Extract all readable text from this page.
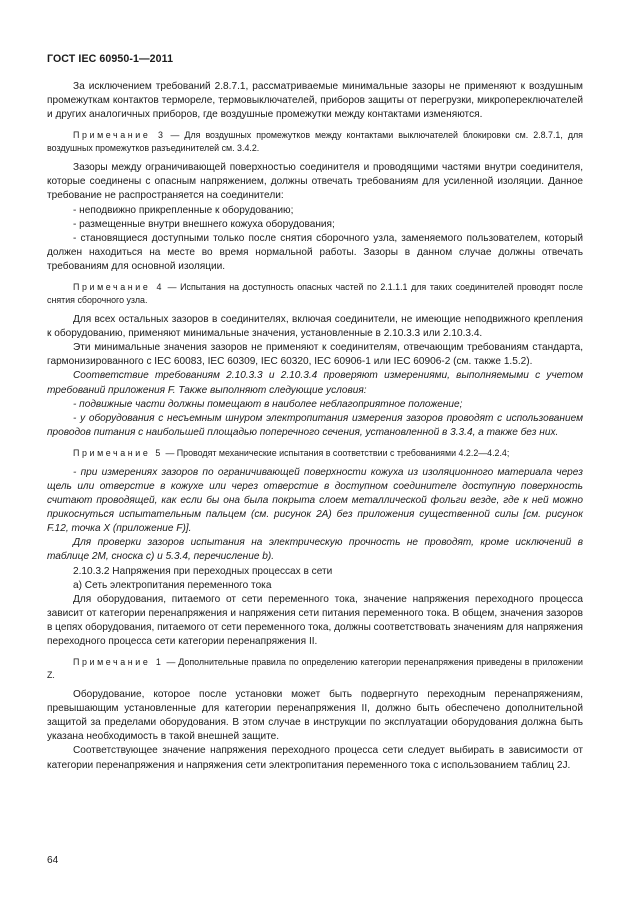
ГОСТ IEC 60950-1—2011

За исключением требований 2.8.7.1, рассматриваемые минимальные зазоры не применяют к воздушным промежуткам контактов термореле, термовыключателей, приборов защиты от перегрузки, микропереключателей и других аналогичных приборов, где воздушные промежутки между контактами изменяются.

Примечание 3 — Для воздушных промежутков между контактами выключателей блокировки см. 2.8.7.1, для воздушных промежутков разъединителей см. 3.4.2.

Зазоры между ограничивающей поверхностью соединителя и проводящими частями внутри соединителя, которые соединены с опасным напряжением, должны отвечать требованиям для усиленной изоляции. Данное требование не распространяется на соединители:

- неподвижно прикрепленные к оборудованию;

- размещенные внутри внешнего кожуха оборудования;

- становящиеся доступными только после снятия сборочного узла, заменяемого пользователем, который должен находиться на месте во время нормальной работы. Зазоры в данном случае должны отвечать требованиям для основной изоляции.

Примечание 4 — Испытания на доступность опасных частей по 2.1.1.1 для таких соединителей проводят после снятия сборочного узла.

Для всех остальных зазоров в соединителях, включая соединители, не имеющие неподвижного крепления к оборудованию, применяют минимальные значения, установленные в 2.10.3.3 или 2.10.3.4.

Эти минимальные значения зазоров не применяют к соединителям, отвечающим требованиям стандарта, гармонизированного с IEC 60083, IEC 60309, IEC 60320, IEC 60906-1 или IEC 60906-2 (см. также 1.5.2).

Соответствие требованиям 2.10.3.3 и 2.10.3.4 проверяют измерениями, выполняемыми с учетом требований приложения F. Также выполняют следующие условия:

- подвижные части должны помещают в наиболее неблагоприятное положение;

- у оборудования с несъемным шнуром электропитания измерения зазоров проводят с использованием проводов питания с наибольшей площадью поперечного сечения, установленной в 3.3.4, а также без них.

Примечание 5 — Проводят механические испытания в соответствии с требованиями 4.2.2—4.2.4;

- при измерениях зазоров по ограничивающей поверхности кожуха из изоляционного материала через щель или отверстие в кожухе или через отверстие в доступном соединителе доступную поверхность считают проводящей, как если бы она была покрыта слоем металлической фольги везде, где к ней можно прикоснуться испытательным пальцем (см. рисунок 2А) без приложения существенной силы [см. рисунок F.12, точка X (приложение F)].

Для проверки зазоров испытания на электрическую прочность не проводят, кроме исключений в таблице 2М, сноска с) и 5.3.4, перечисление b).

2.10.3.2 Напряжения при переходных процессах в сети

а) Сеть электропитания переменного тока

Для оборудования, питаемого от сети переменного тока, значение напряжения переходного процесса зависит от категории перенапряжения и напряжения сети питания переменного тока. В общем, значения зазоров в цепях оборудования, питаемого от сети переменного тока, должны соответствовать значениям для напряжения переходного процесса сети категории перенапряжения II.

Примечание 1 — Дополнительные правила по определению категории перенапряжения приведены в приложении Z.

Оборудование, которое после установки может быть подвергнуто переходным перенапряжениям, превышающим установленные для категории перенапряжения II, должно быть обеспечено дополнительной защитой за пределами оборудования. В этом случае в инструкции по эксплуатации оборудования должна быть указана необходимость в такой внешней защите.

Соответствующее значение напряжения переходного процесса сети следует выбирать в зависимости от категории перенапряжения и напряжения сети электропитания переменного тока с использованием таблиц 2J.

64
